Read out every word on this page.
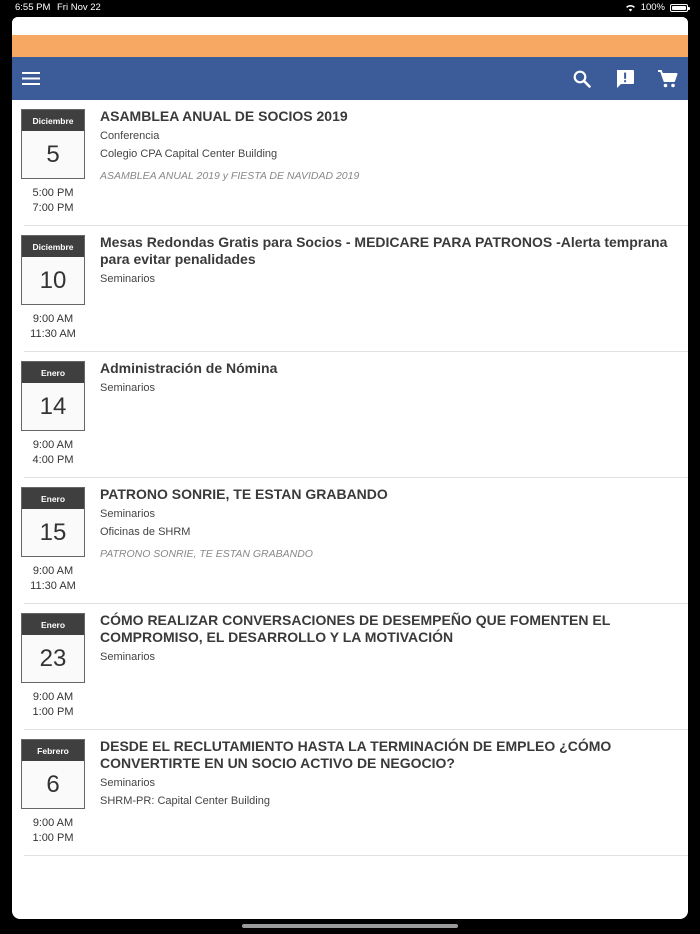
6:55 PM Fri Nov 22	100%
Diciembre
5
5:00 PM
7:00 PM
ASAMBLEA ANUAL DE SOCIOS 2019
Conferencia
Colegio CPA Capital Center Building
ASAMBLEA ANUAL 2019 y FIESTA DE NAVIDAD 2019
Diciembre
10
9:00 AM
11:30 AM
Mesas Redondas Gratis para Socios - MEDICARE PARA PATRONOS -Alerta temprana para evitar penalidades
Seminarios
Enero
14
9:00 AM
4:00 PM
Administración de Nómina
Seminarios
Enero
15
9:00 AM
11:30 AM
PATRONO SONRIE, TE ESTAN GRABANDO
Seminarios
Oficinas de SHRM
PATRONO SONRIE, TE ESTAN GRABANDO
Enero
23
9:00 AM
1:00 PM
CÓMO REALIZAR CONVERSACIONES DE DESEMPEÑO QUE FOMENTEN EL COMPROMISO, EL DESARROLLO Y LA MOTIVACIÓN
Seminarios
Febrero
6
9:00 AM
1:00 PM
DESDE EL RECLUTAMIENTO HASTA LA TERMINACIÓN DE EMPLEO ¿CÓMO CONVERTIRTE EN UN SOCIO ACTIVO DE NEGOCIO?
Seminarios
SHRM-PR: Capital Center Building
